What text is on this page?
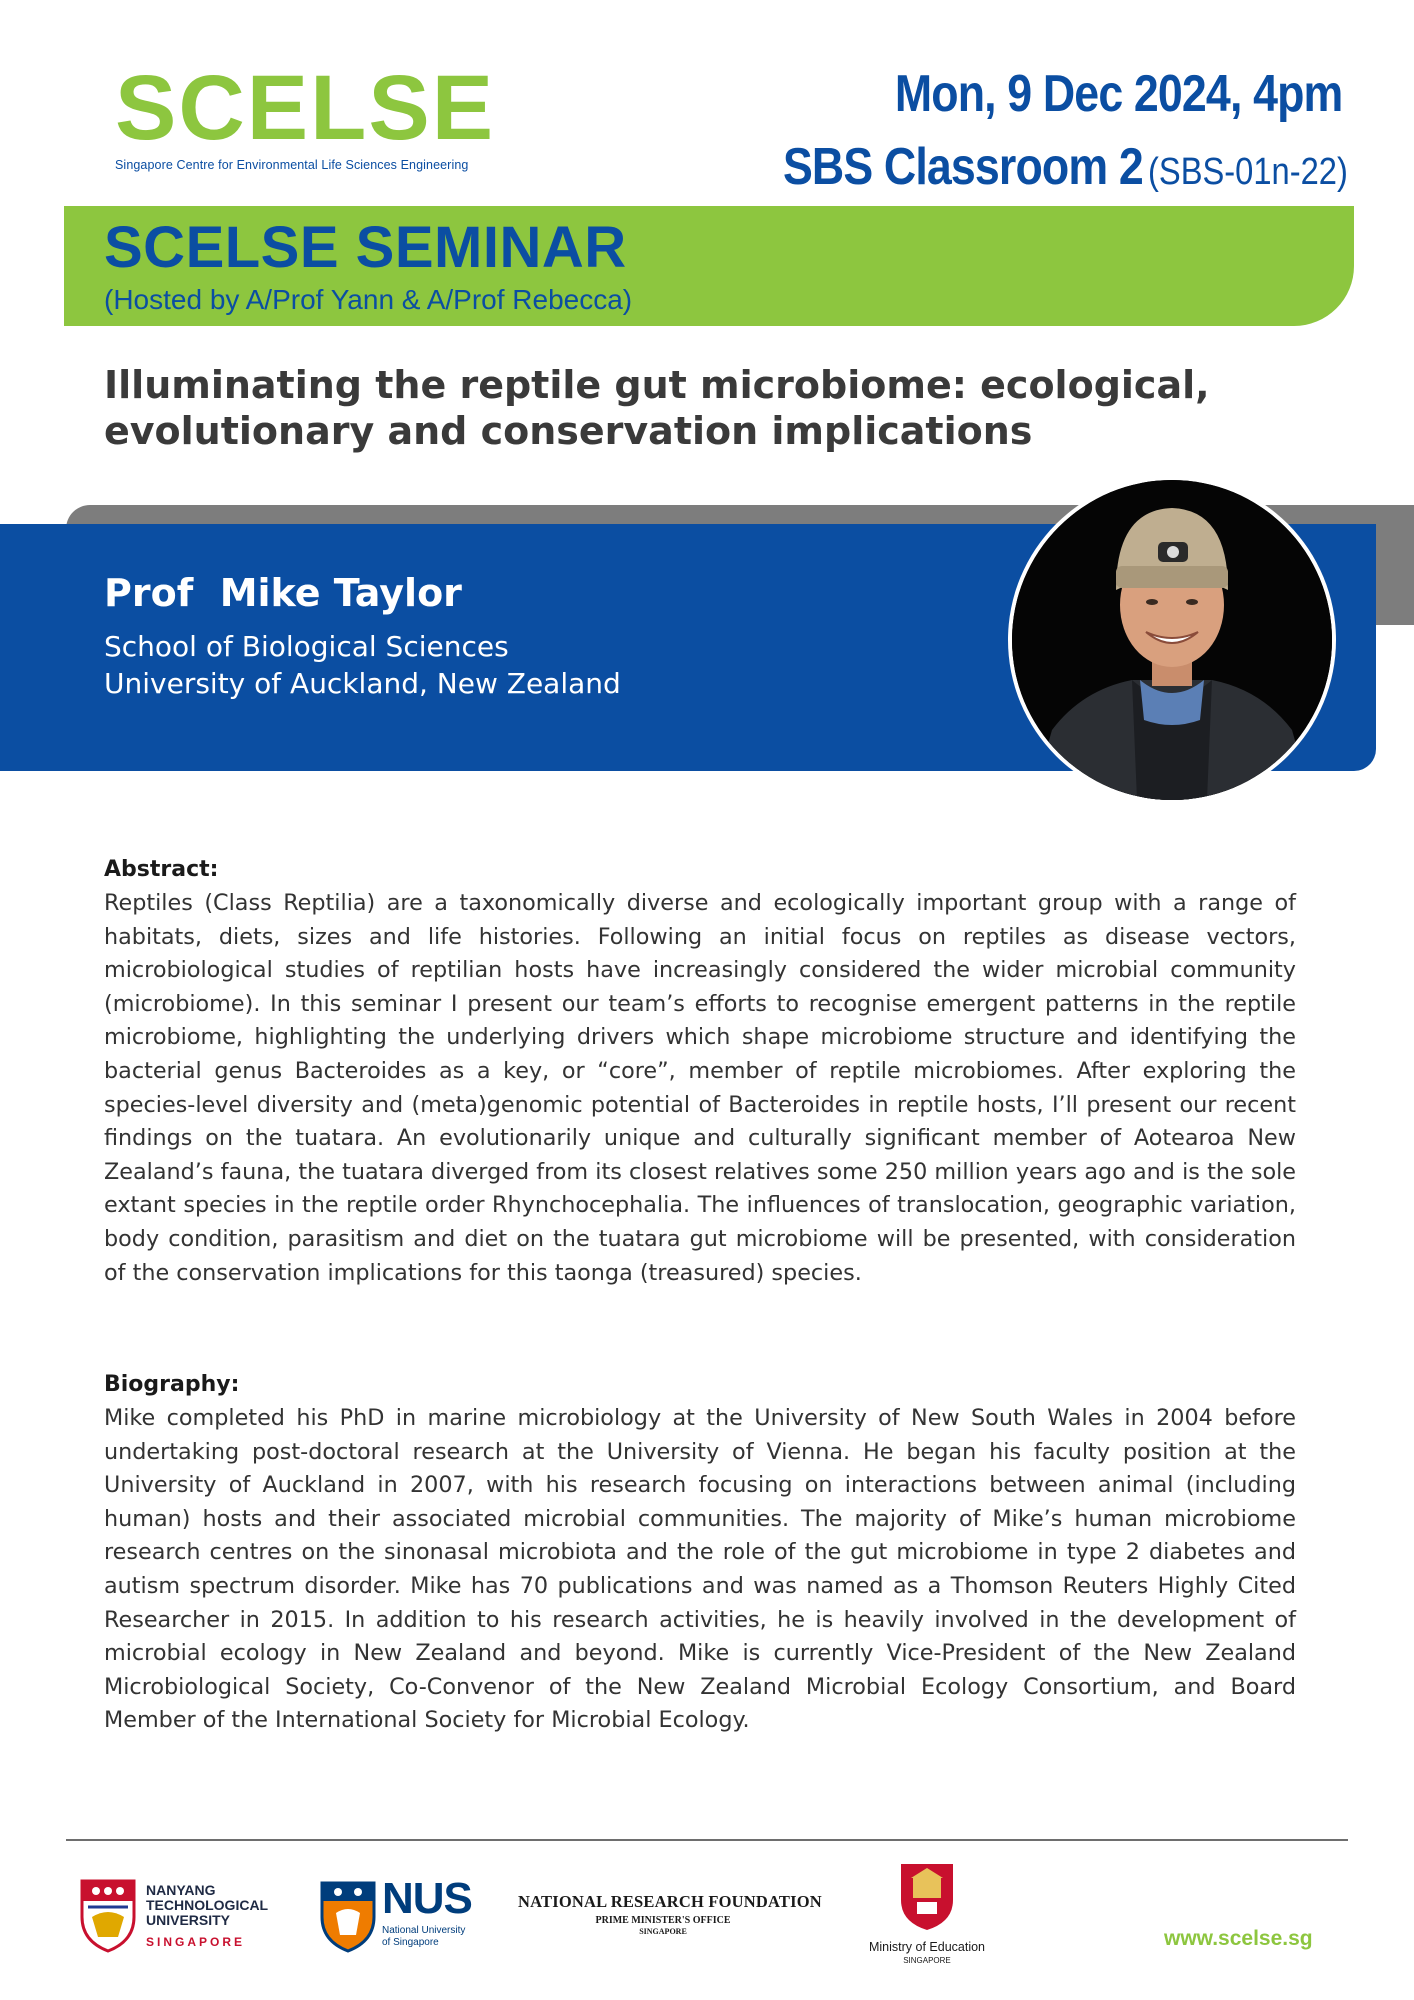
SCELSE
Singapore Centre for Environmental Life Sciences Engineering
Mon, 9 Dec 2024, 4pm
SBS Classroom 2 (SBS-01n-22)
SCELSE SEMINAR
(Hosted by A/Prof Yann & A/Prof Rebecca)
Illuminating the reptile gut microbiome: ecological, evolutionary and conservation implications
Prof  Mike Taylor
School of Biological Sciences
University of Auckland, New Zealand
Abstract:
Reptiles (Class Reptilia) are a taxonomically diverse and ecologically important group with a range of habitats, diets, sizes and life histories. Following an initial focus on reptiles as disease vectors, microbiological studies of reptilian hosts have increasingly considered the wider microbial community (microbiome). In this seminar I present our team’s efforts to recognise emergent patterns in the reptile microbiome, highlighting the underlying drivers which shape microbiome structure and identifying the bacterial genus Bacteroides as a key, or “core”, member of reptile microbiomes. After exploring the species-level diversity and (meta)genomic potential of Bacteroides in reptile hosts, I’ll present our recent findings on the tuatara. An evolutionarily unique and culturally significant member of Aotearoa New Zealand’s fauna, the tuatara diverged from its closest relatives some 250 million years ago and is the sole extant species in the reptile order Rhynchocephalia. The influences of translocation, geographic variation, body condition, parasitism and diet on the tuatara gut microbiome will be presented, with consideration of the conservation implications for this taonga (treasured) species.
Biography:
Mike completed his PhD in marine microbiology at the University of New South Wales in 2004 before undertaking post-doctoral research at the University of Vienna. He began his faculty position at the University of Auckland in 2007, with his research focusing on interactions between animal (including human) hosts and their associated microbial communities. The majority of Mike’s human microbiome research centres on the sinonasal microbiota and the role of the gut microbiome in type 2 diabetes and autism spectrum disorder. Mike has 70 publications and was named as a Thomson Reuters Highly Cited Researcher in 2015. In addition to his research activities, he is heavily involved in the development of microbial ecology in New Zealand and beyond. Mike is currently Vice-President of the New Zealand Microbiological Society, Co-Convenor of the New Zealand Microbial Ecology Consortium, and Board Member of the International Society for Microbial Ecology.
NANYANG
TECHNOLOGICAL
UNIVERSITY
SINGAPORE
NUS
National University
of Singapore
NATIONAL RESEARCH FOUNDATION
PRIME MINISTER'S OFFICE
SINGAPORE
Ministry of Education
SINGAPORE
www.scelse.sg
